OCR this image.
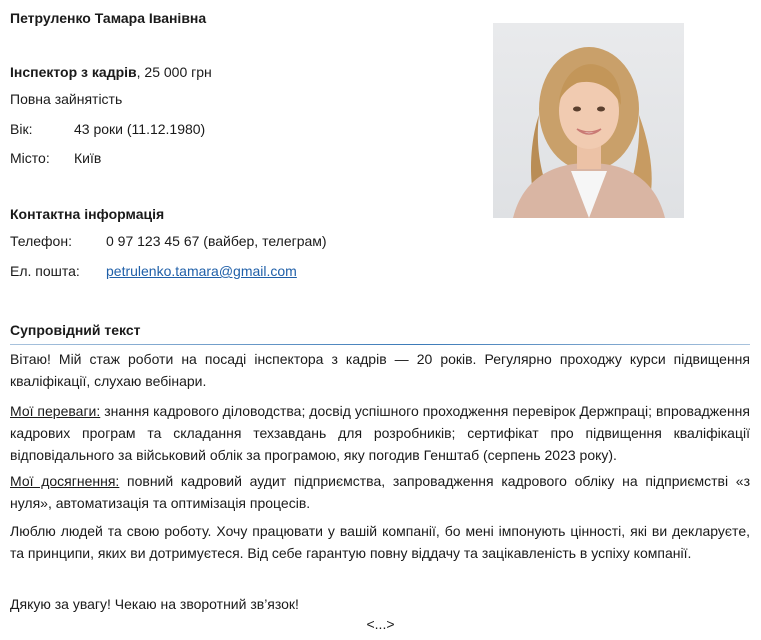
Петруленко Тамара Іванівна
Інспектор з кадрів, 25 000 грн
Повна зайнятість
Вік:	43 роки (11.12.1980)
Місто:	Київ
Контактна інформація
Телефон:	0 97 123 45 67 (вайбер, телеграм)
Ел. пошта:	petrulenko.tamara@gmail.com
Супровідний текст

Вітаю! Мій стаж роботи на посаді інспектора з кадрів — 20 років. Регулярно проходжу курси підвищення кваліфікації, слухаю вебінари.

Мої переваги: знання кадрового діловодства; досвід успішного проходження перевірок Держпраці; впровадження кадрових програм та складання техзавдань для розробників; сертифікат про підвищення кваліфікації відповідального за військовий облік за програмою, яку погодив Генштаб (серпень 2023 року).

Мої досягнення: повний кадровий аудит підприємства, запровадження кадрового обліку на підприємстві «з нуля», автоматизація та оптимізація процесів.

Люблю людей та свою роботу. Хочу працювати у вашій компанії, бо мені імпонують цінності, які ви декларуєте, та принципи, яких ви дотримуєтеся. Від себе гарантую повну віддачу та зацікавленість в успіху компанії.

Дякую за увагу! Чекаю на зворотний зв’язок!

<...>
